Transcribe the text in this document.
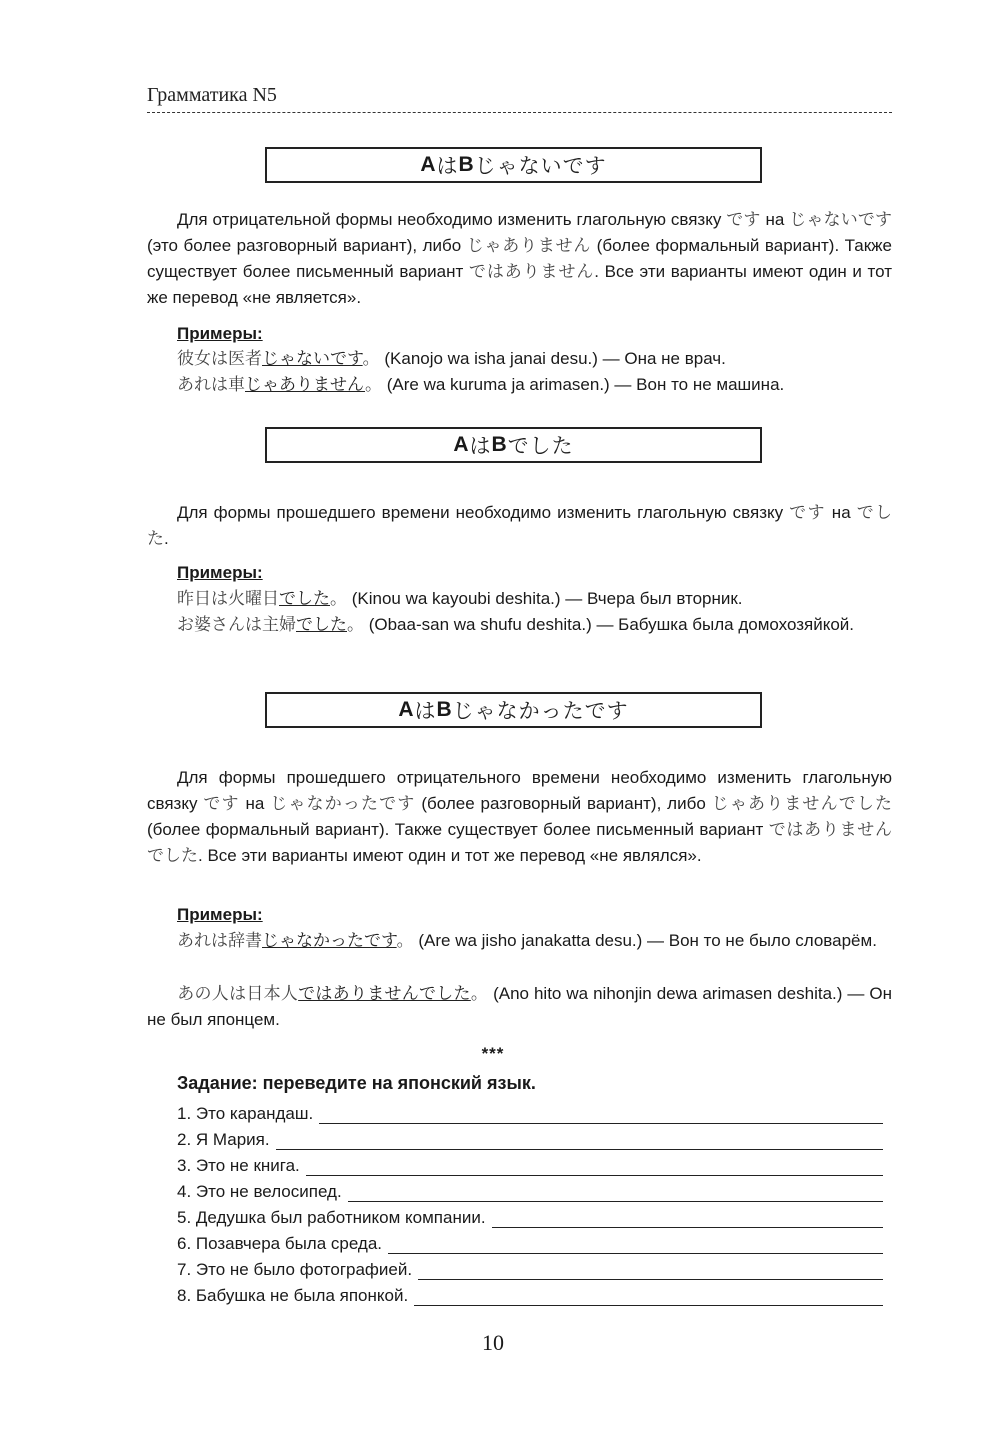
Грамматика N5
A は B じゃないです

Для отрицательной формы необходимо изменить глагольную связку です на じゃないです (это более разговорный вариант), либо じゃありません (более формальный вариант). Также существует более письменный вариант ではありません. Все эти варианты имеют один и тот же перевод «не является».

Примеры:
彼女は医者じゃないです。 (Kanojo wa isha janai desu.) — Она не врач.
あれは車じゃありません。 (Are wa kuruma ja arimasen.) — Вон то не машина.
A は B でした

Для формы прошедшего времени необходимо изменить глагольную связку です на でした.

Примеры:
昨日は火曜日でした。 (Kinou wa kayoubi deshita.) — Вчера был вторник.
お婆さんは主婦でした。 (Obaa-san wa shufu deshita.) — Бабушка была домохозяйкой.
A は B じゃなかったです

Для формы прошедшего отрицательного времени необходимо изменить глагольную связку です на じゃなかったです (более разговорный вариант), либо じゃありませんでした (более формальный вариант). Также существует более письменный вариант ではありませんでした. Все эти варианты имеют один и тот же перевод «не являлся».

Примеры:
あれは辞書じゃなかったです。 (Are wa jisho janakatta desu.) — Вон то не было словарём.
あの人は日本人ではありませんでした。 (Ano hito wa nihonjin dewa arimasen deshita.) — Он не был японцем.
***
Задание: переведите на японский язык.
1. Это карандаш.
2. Я Мария.
3. Это не книга.
4. Это не велосипед.
5. Дедушка был работником компании.
6. Позавчера была среда.
7. Это не было фотографией.
8. Бабушка не была японкой.
10
